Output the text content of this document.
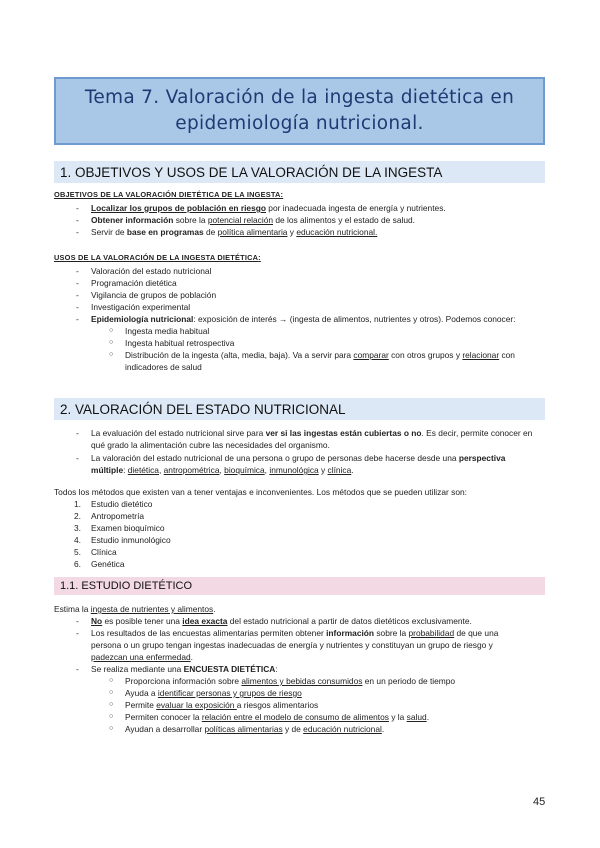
Tema 7. Valoración de la ingesta dietética en
epidemiología nutricional.
1. OBJETIVOS Y USOS DE LA VALORACIÓN DE LA INGESTA
OBJETIVOS DE LA VALORACIÓN DIETÉTICA DE LA INGESTA:
- Localizar los grupos de población en riesgo por inadecuada ingesta de energía y nutrientes.
- Obtener información sobre la potencial relación de los alimentos y el estado de salud.
- Servir de base en programas de política alimentaria y educación nutricional.
USOS DE LA VALORACIÓN DE LA INGESTA DIETÉTICA:
- Valoración del estado nutricional
- Programación dietética
- Vigilancia de grupos de población
- Investigación experimental
- Epidemiología nutricional: exposición de interés → (ingesta de alimentos, nutrientes y otros). Podemos conocer:
○ Ingesta media habitual
○ Ingesta habitual retrospectiva
○ Distribución de la ingesta (alta, media, baja). Va a servir para comparar con otros grupos y relacionar con
indicadores de salud
2. VALORACIÓN DEL ESTADO NUTRICIONAL
- La evaluación del estado nutricional sirve para ver si las ingestas están cubiertas o no. Es decir, permite conocer en
qué grado la alimentación cubre las necesidades del organismo.
- La valoración del estado nutricional de una persona o grupo de personas debe hacerse desde una perspectiva
múltiple: dietética, antropométrica, bioquímica, inmunológica y clínica.
Todos los métodos que existen van a tener ventajas e inconvenientes. Los métodos que se pueden utilizar son:
1. Estudio dietético
2. Antropometría
3. Examen bioquímico
4. Estudio inmunológico
5. Clínica
6. Genética
1.1. ESTUDIO DIETÉTICO
Estima la ingesta de nutrientes y alimentos.
- No es posible tener una idea exacta del estado nutricional a partir de datos dietéticos exclusivamente.
- Los resultados de las encuestas alimentarias permiten obtener información sobre la probabilidad de que una
persona o un grupo tengan ingestas inadecuadas de energía y nutrientes y constituyan un grupo de riesgo y
padezcan una enfermedad.
- Se realiza mediante una ENCUESTA DIETÉTICA:
○ Proporciona información sobre alimentos y bebidas consumidos en un periodo de tiempo
○ Ayuda a identificar personas y grupos de riesgo
○ Permite evaluar la exposición a riesgos alimentarios
○ Permiten conocer la relación entre el modelo de consumo de alimentos y la salud.
○ Ayudan a desarrollar políticas alimentarias y de educación nutricional.
45
